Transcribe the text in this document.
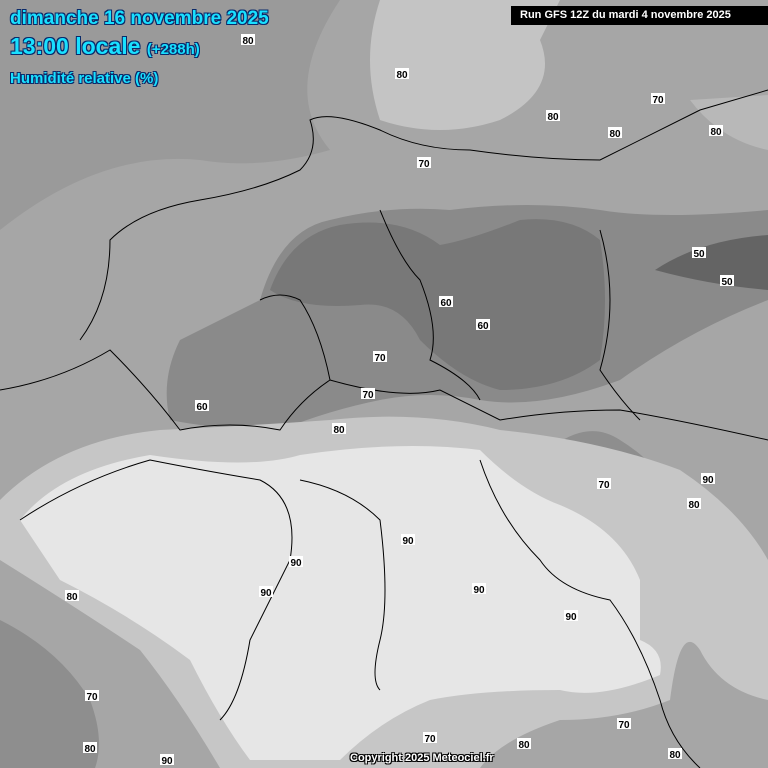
80
80
70
80
80	80
70
50
50
60
60
70
60
70
80
70	90
80
90
90
90	90
90
80
70
80
70
80
90
70
80
dimanche 16 novembre 2025
13:00 locale (+288h)
Humidité relative (%)
Run GFS 12Z du mardi 4 novembre 2025
Copyright 2025 Meteociel.fr
